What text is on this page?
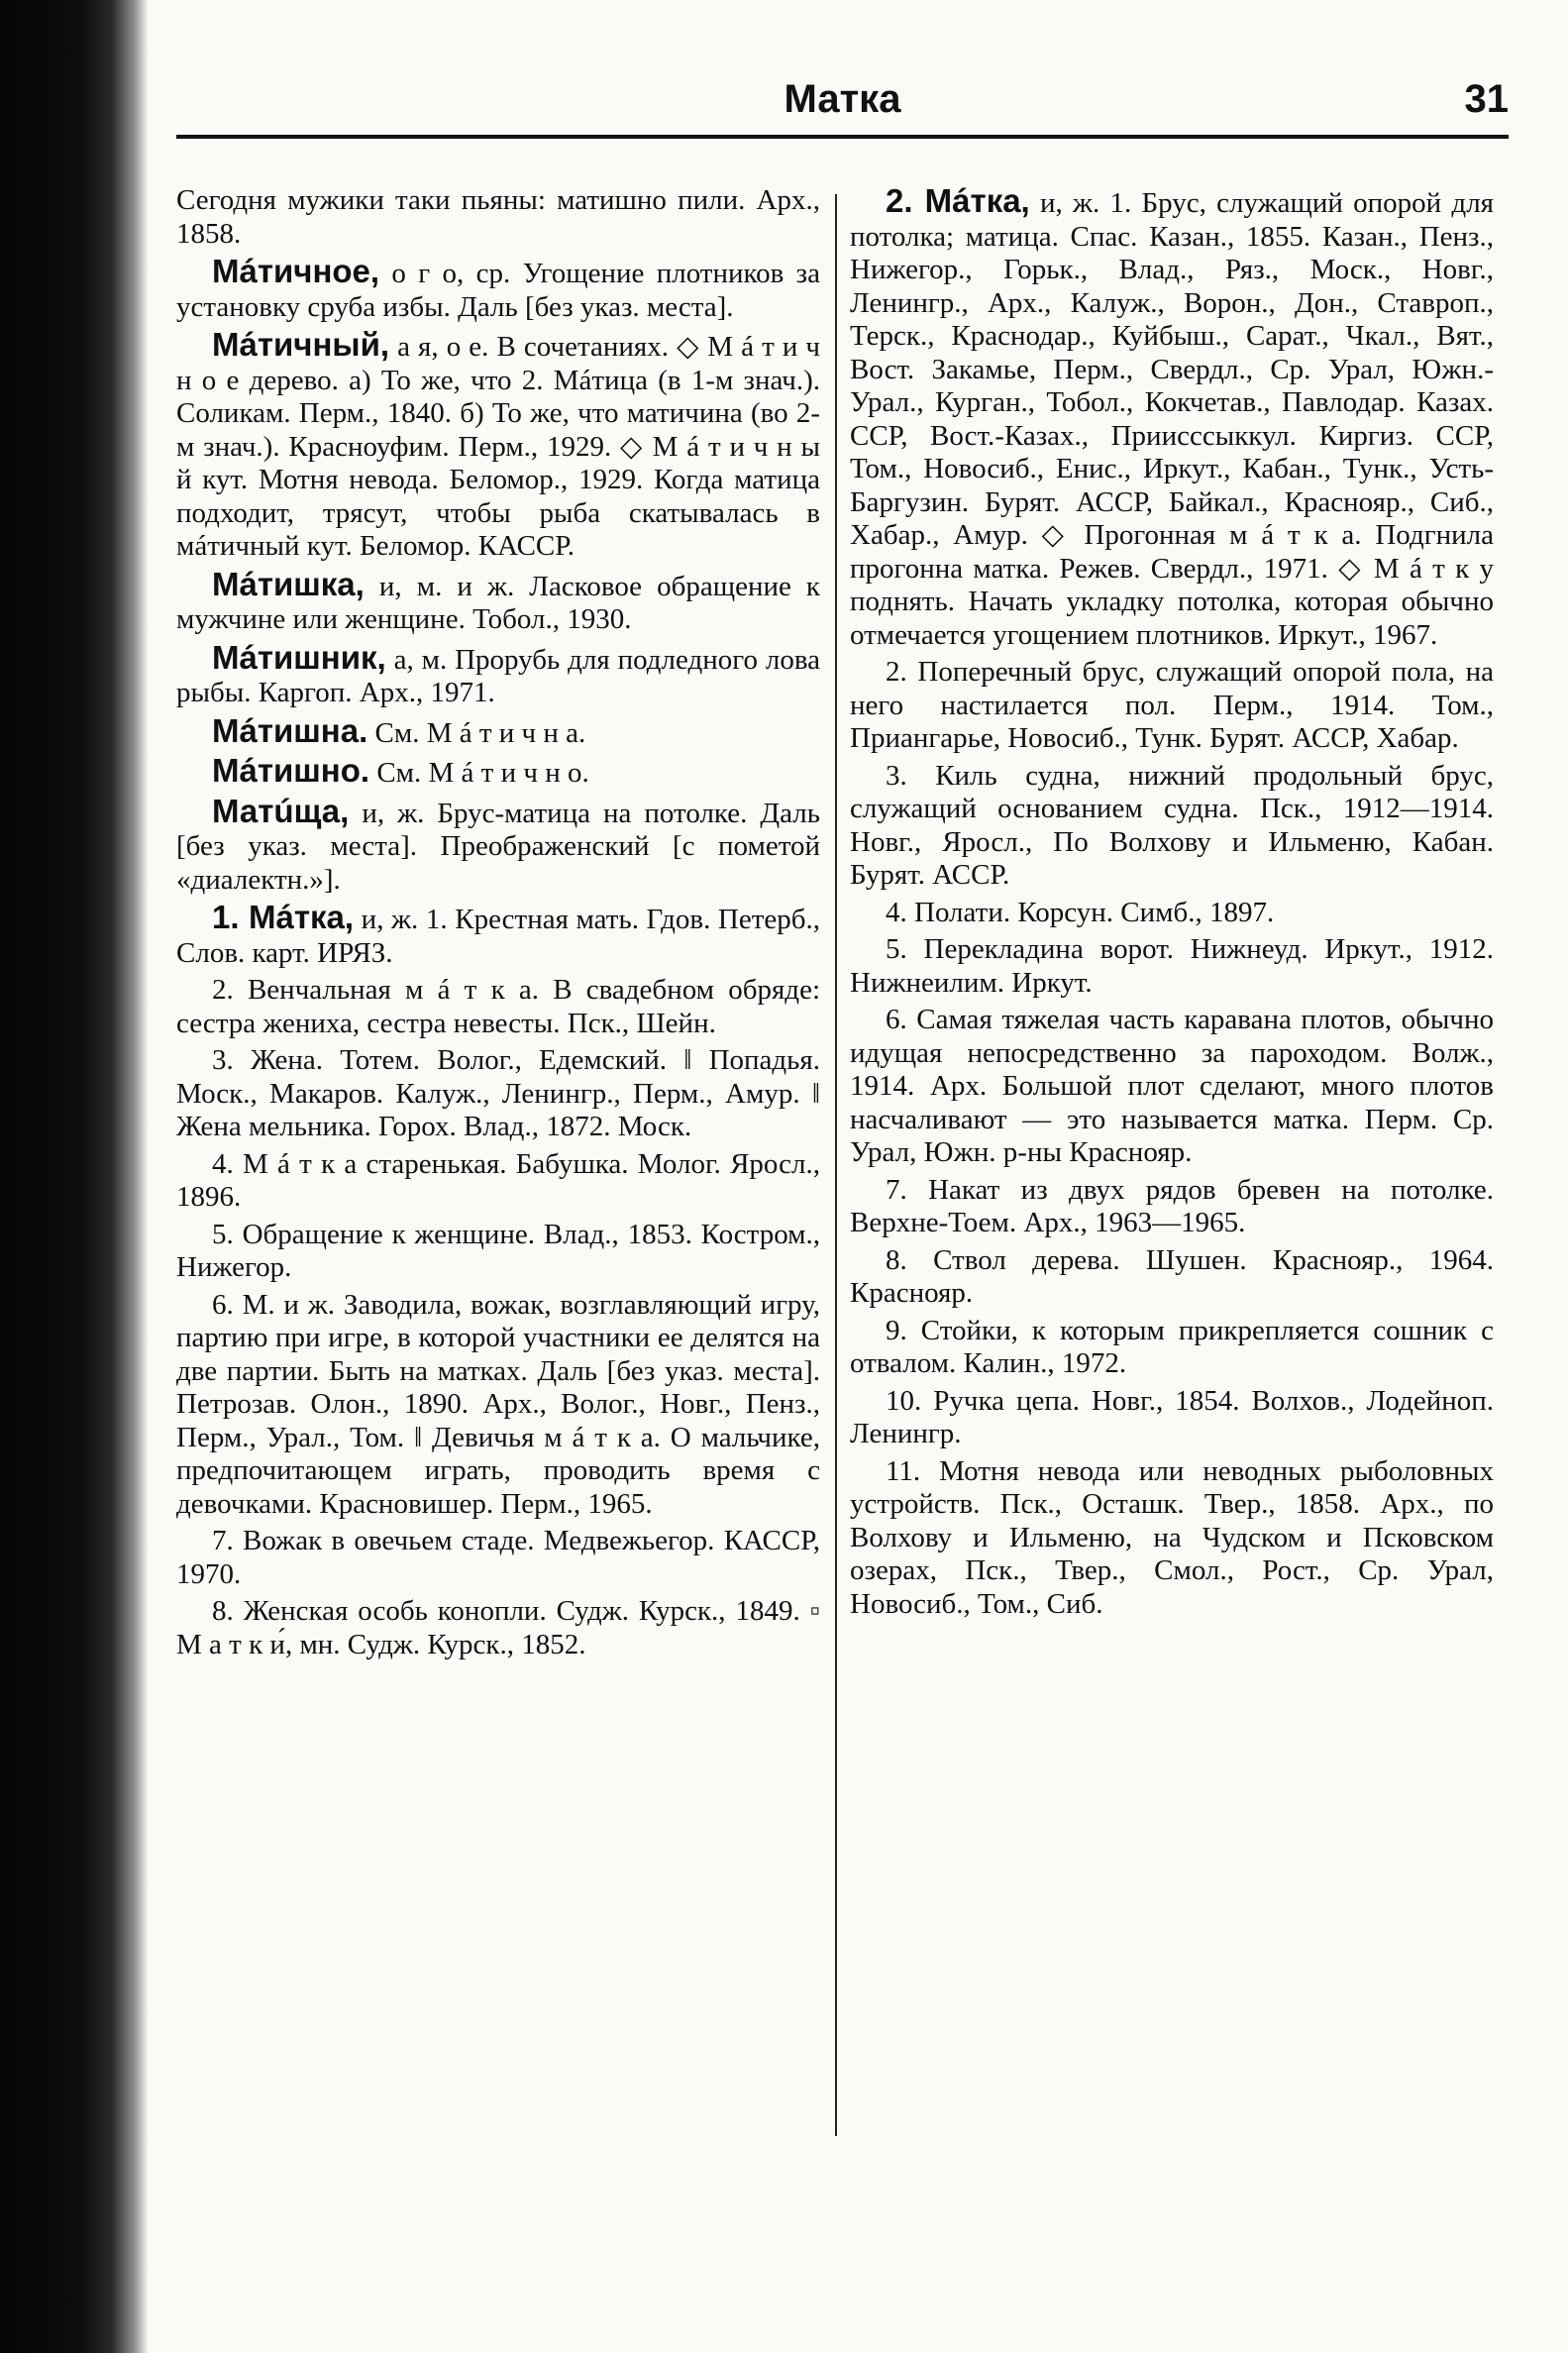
Матка	31

Сегодня мужики таки пьяны: матишно пили. Арх., 1858.

Мáтичное, о г о, ср. Угощение плотников за установку сруба избы. Даль [без указ. места].

Мáтичный, а я, о е. В сочетаниях. ◇ М á т и ч н о е дерево. а) То же, что 2. Мáтица (в 1-м знач.). Соликам. Перм., 1840. б) То же, что матичина (во 2-м знач.). Красноуфим. Перм., 1929. ◇ М á т и ч н ы й кут. Мотня невода. Беломор., 1929. Когда матица подходит, трясут, чтобы рыба скатывалась в мáтичный кут. Беломор. КАССР.

Мáтишка, и, м. и ж. Ласковое обращение к мужчине или женщине. Тобол., 1930.

Мáтишник, а, м. Прорубь для подледного лова рыбы. Каргоп. Арх., 1971.

Мáтишна. См. М á т и ч н а.

Мáтишно. См. М á т и ч н о.

Матúща, и, ж. Брус-матица на потолке. Даль [без указ. места]. Преображенский [с пометой «диалектн.»].

1. Мáтка, и, ж. 1. Крестная мать. Гдов. Петерб., Слов. карт. ИРЯЗ.

2. Венчальная м á т к а. В свадебном обряде: сестра жениха, сестра невесты. Пск., Шейн.

3. Жена. Тотем. Волог., Едемский. ‖ Попадья. Моск., Макаров. Калуж., Ленингр., Перм., Амур. ‖ Жена мельника. Горох. Влад., 1872. Моск.

4. М á т к а старенькая. Бабушка. Молог. Яросл., 1896.

5. Обращение к женщине. Влад., 1853. Костром., Нижегор.

6. М. и ж. Заводила, вожак, возглавляющий игру, партию при игре, в которой участники ее делятся на две партии. Быть на матках. Даль [без указ. места]. Петрозав. Олон., 1890. Арх., Волог., Новг., Пенз., Перм., Урал., Том. ‖ Девичья м á т к а. О мальчике, предпочитающем играть, проводить время с девочками. Красновишер. Перм., 1965.

7. Вожак в овечьем стаде. Медвежьегор. КАССР, 1970.

8. Женская особь конопли. Судж. Курск., 1849. ▫ М а т к и́, мн. Судж. Курск., 1852.

2. Мáтка, и, ж. 1. Брус, служащий опорой для потолка; матица. Спас. Казан., 1855. Казан., Пенз., Нижегор., Горьк., Влад., Ряз., Моск., Новг., Ленингр., Арх., Калуж., Ворон., Дон., Ставроп., Терск., Краснодар., Куйбыш., Сарат., Чкал., Вят., Вост. Закамье, Перм., Свердл., Ср. Урал, Южн.-Урал., Курган., Тобол., Кокчетав., Павлодар. Казах. ССР, Вост.-Казах., Приисссыккул. Киргиз. ССР, Том., Новосиб., Енис., Иркут., Кабан., Тунк., Усть-Баргузин. Бурят. АССР, Байкал., Краснояр., Сиб., Хабар., Амур. ◇ Прогонная м á т к а. Подгнила прогонна матка. Режев. Свердл., 1971. ◇ М á т к у поднять. Начать укладку потолка, которая обычно отмечается угощением плотников. Иркут., 1967.

2. Поперечный брус, служащий опорой пола, на него настилается пол. Перм., 1914. Том., Приангарье, Новосиб., Тунк. Бурят. АССР, Хабар.

3. Киль судна, нижний продольный брус, служащий основанием судна. Пск., 1912—1914. Новг., Яросл., По Волхову и Ильменю, Кабан. Бурят. АССР.

4. Полати. Корсун. Симб., 1897.

5. Перекладина ворот. Нижнеуд. Иркут., 1912. Нижнеилим. Иркут.

6. Самая тяжелая часть каравана плотов, обычно идущая непосредственно за пароходом. Волж., 1914. Арх. Большой плот сделают, много плотов насчаливают — это называется матка. Перм. Ср. Урал, Южн. р-ны Краснояр.

7. Накат из двух рядов бревен на потолке. Верхне-Тоем. Арх., 1963—1965.

8. Ствол дерева. Шушен. Краснояр., 1964. Краснояр.

9. Стойки, к которым прикрепляется сошник с отвалом. Калин., 1972.

10. Ручка цепа. Новг., 1854. Волхов., Лодейноп. Ленингр.

11. Мотня невода или неводных рыболовных устройств. Пск., Осташк. Твер., 1858. Арх., по Волхову и Ильменю, на Чудском и Псковском озерах, Пск., Твер., Смол., Рост., Ср. Урал, Новосиб., Том., Сиб.
